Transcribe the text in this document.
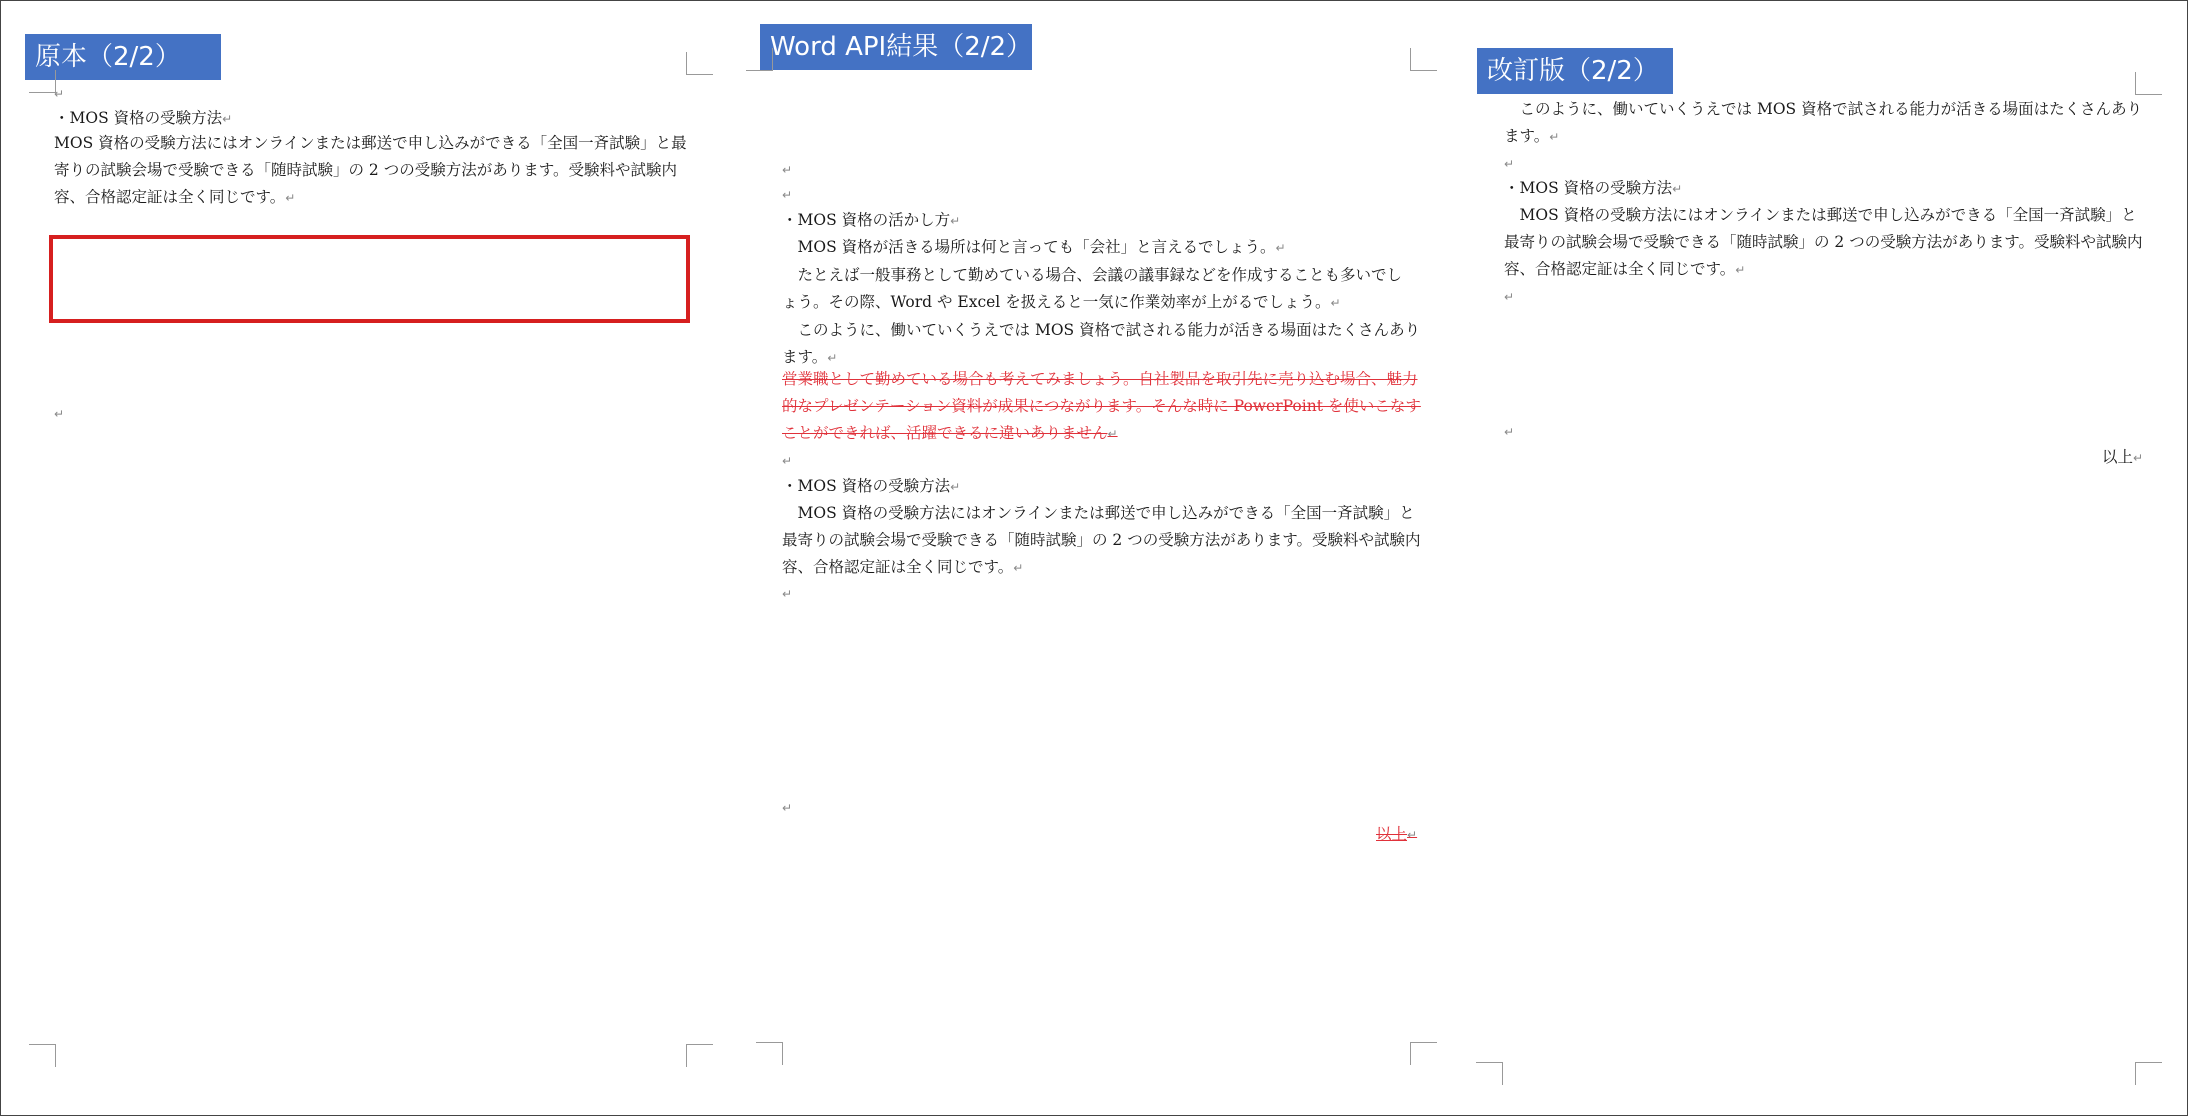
原本（2/2）
↵
・MOS 資格の受験方法↵
MOS 資格の受験方法にはオンラインまたは郵送で申し込みができる「全国一斉試験」と最
寄りの試験会場で受験できる「随時試験」の 2 つの受験方法があります。受験料や試験内
容、合格認定証は全く同じです。↵
↵
Word API結果（2/2）
↵
↵
・MOS 資格の活かし方↵
　MOS 資格が活きる場所は何と言っても「会社」と言えるでしょう。↵
　たとえば一般事務として勤めている場合、会議の議事録などを作成することも多いでし
ょう。その際、Word や Excel を扱えると一気に作業効率が上がるでしょう。↵
　このように、働いていくうえでは MOS 資格で試される能力が活きる場面はたくさんあり
ます。↵
営業職として勤めている場合も考えてみましょう。自社製品を取引先に売り込む場合、魅力
的なプレゼンテーション資料が成果につながります。そんな時に PowerPoint を使いこなす
ことができれば、活躍できるに違いありません↵
↵
・MOS 資格の受験方法↵
　MOS 資格の受験方法にはオンラインまたは郵送で申し込みができる「全国一斉試験」と
最寄りの試験会場で受験できる「随時試験」の 2 つの受験方法があります。受験料や試験内
容、合格認定証は全く同じです。↵
↵
↵
以上↵
改訂版（2/2）
　このように、働いていくうえでは MOS 資格で試される能力が活きる場面はたくさんあり
ます。↵
↵
・MOS 資格の受験方法↵
　MOS 資格の受験方法にはオンラインまたは郵送で申し込みができる「全国一斉試験」と
最寄りの試験会場で受験できる「随時試験」の 2 つの受験方法があります。受験料や試験内
容、合格認定証は全く同じです。↵
↵
↵
以上↵
